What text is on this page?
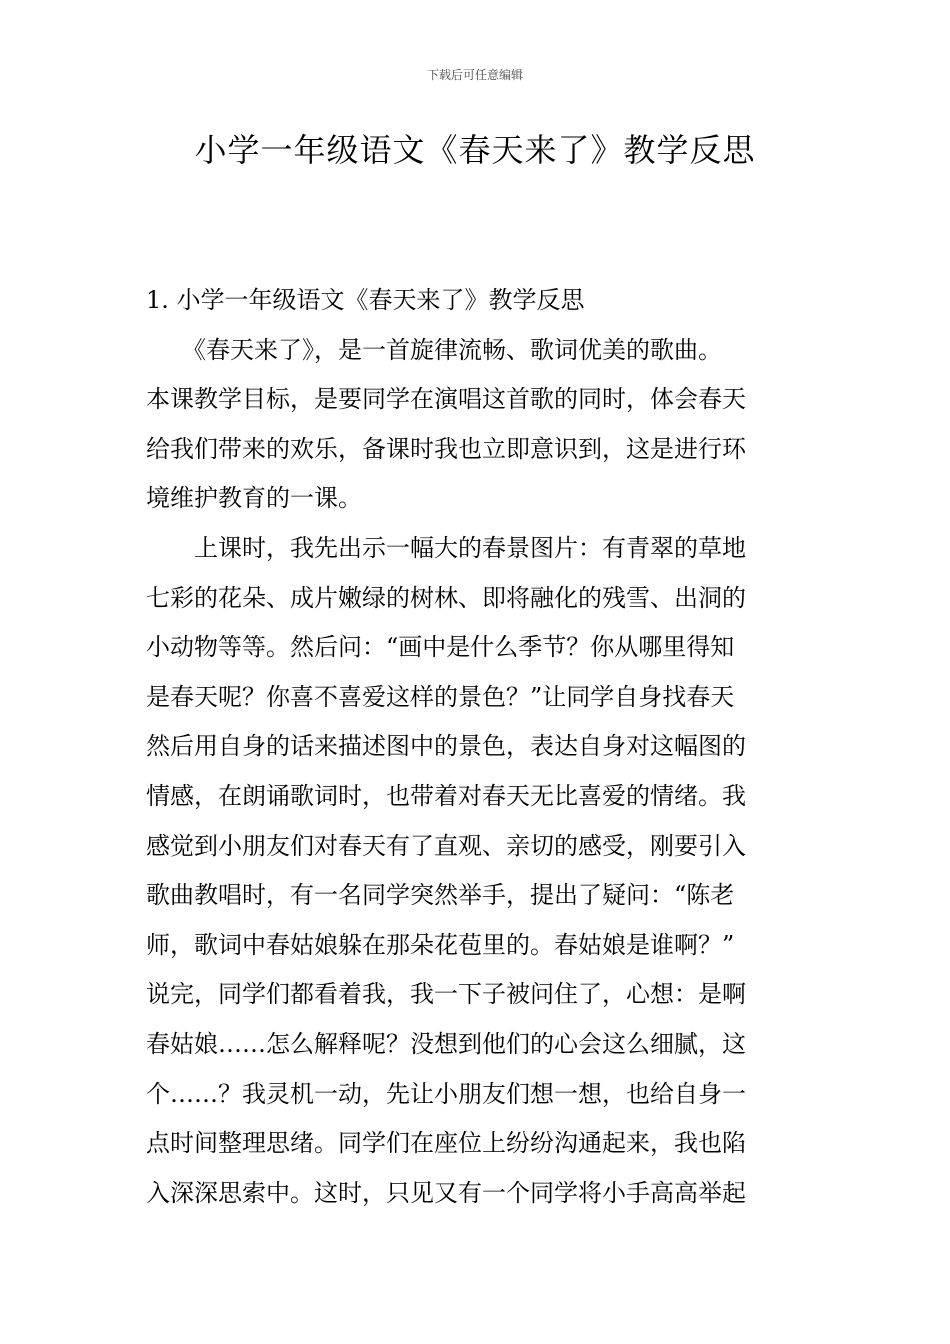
下载后可任意编辑
小学一年级语文《春天来了》教学反思
1. 小学一年级语文《春天来了》教学反思
　　《春天来了》，是一首旋律流畅、歌词优美的歌曲。
本课教学目标，是要同学在演唱这首歌的同时，体会春天
给我们带来的欢乐，备课时我也立即意识到，这是进行环
境维护教育的一课。
　　上课时，我先出示一幅大的春景图片：有青翠的草地
七彩的花朵、成片嫩绿的树林、即将融化的残雪、出洞的
小动物等等。然后问：“画中是什么季节？你从哪里得知
是春天呢？你喜不喜爱这样的景色？”让同学自身找春天
然后用自身的话来描述图中的景色，表达自身对这幅图的
情感，在朗诵歌词时，也带着对春天无比喜爱的情绪。我
感觉到小朋友们对春天有了直观、亲切的感受，刚要引入
歌曲教唱时，有一名同学突然举手，提出了疑问：“陈老
师，歌词中春姑娘躲在那朵花苞里的。春姑娘是谁啊？”
说完，同学们都看着我，我一下子被问住了，心想：是啊
春姑娘……怎么解释呢？没想到他们的心会这么细腻，这
个……？我灵机一动，先让小朋友们想一想，也给自身一
点时间整理思绪。同学们在座位上纷纷沟通起来，我也陷
入深深思索中。这时，只见又有一个同学将小手高高举起
